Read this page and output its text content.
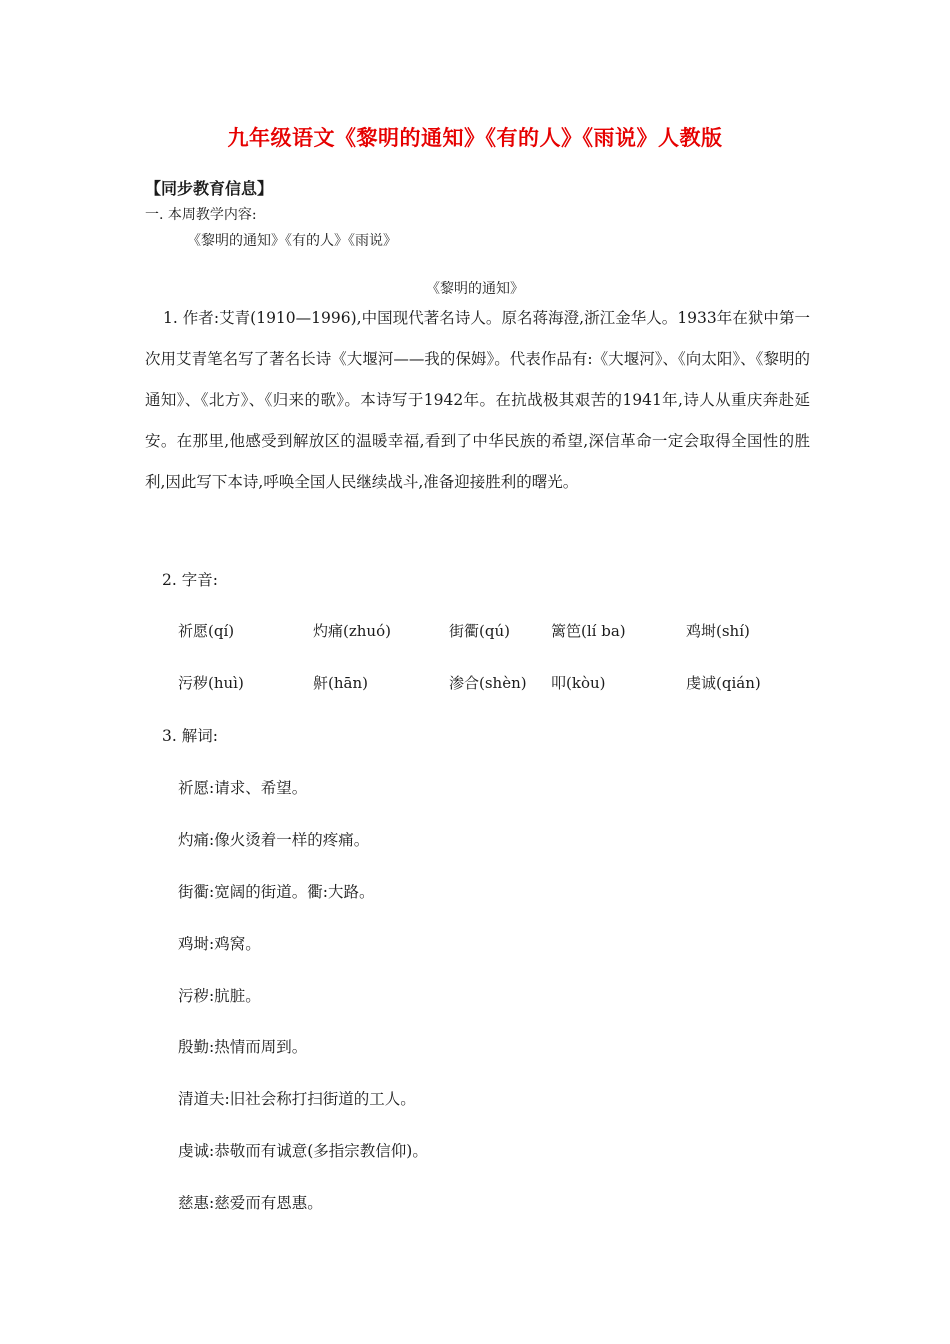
九年级语文《黎明的通知》《有的人》《雨说》人教版
【同步教育信息】
一. 本周教学内容:
《黎明的通知》《有的人》《雨说》
《黎明的通知》
1. 作者:艾青(1910—1996),中国现代著名诗人。原名蒋海澄,浙江金华人。1933年在狱中第一次用艾青笔名写了著名长诗《大堰河——我的保姆》。代表作品有:《大堰河》、《向太阳》、《黎明的通知》、《北方》、《归来的歌》。本诗写于1942年。在抗战极其艰苦的1941年,诗人从重庆奔赴延安。在那里,他感受到解放区的温暖幸福,看到了中华民族的希望,深信革命一定会取得全国性的胜利,因此写下本诗,呼唤全国人民继续战斗,准备迎接胜利的曙光。
2. 字音:
祈愿(qí)	灼痛(zhuó)	街衢(qú)	篱笆(lí ba)	鸡埘(shí)
污秽(huì)	鼾(hān)	渗合(shèn) 叩(kòu)	虔诚(qián)
3. 解词:
祈愿:请求、希望。
灼痛:像火烫着一样的疼痛。
街衢:宽阔的街道。衢:大路。
鸡埘:鸡窝。
污秽:肮脏。
殷勤:热情而周到。
清道夫:旧社会称打扫街道的工人。
虔诚:恭敬而有诚意(多指宗教信仰)。
慈惠:慈爱而有恩惠。
